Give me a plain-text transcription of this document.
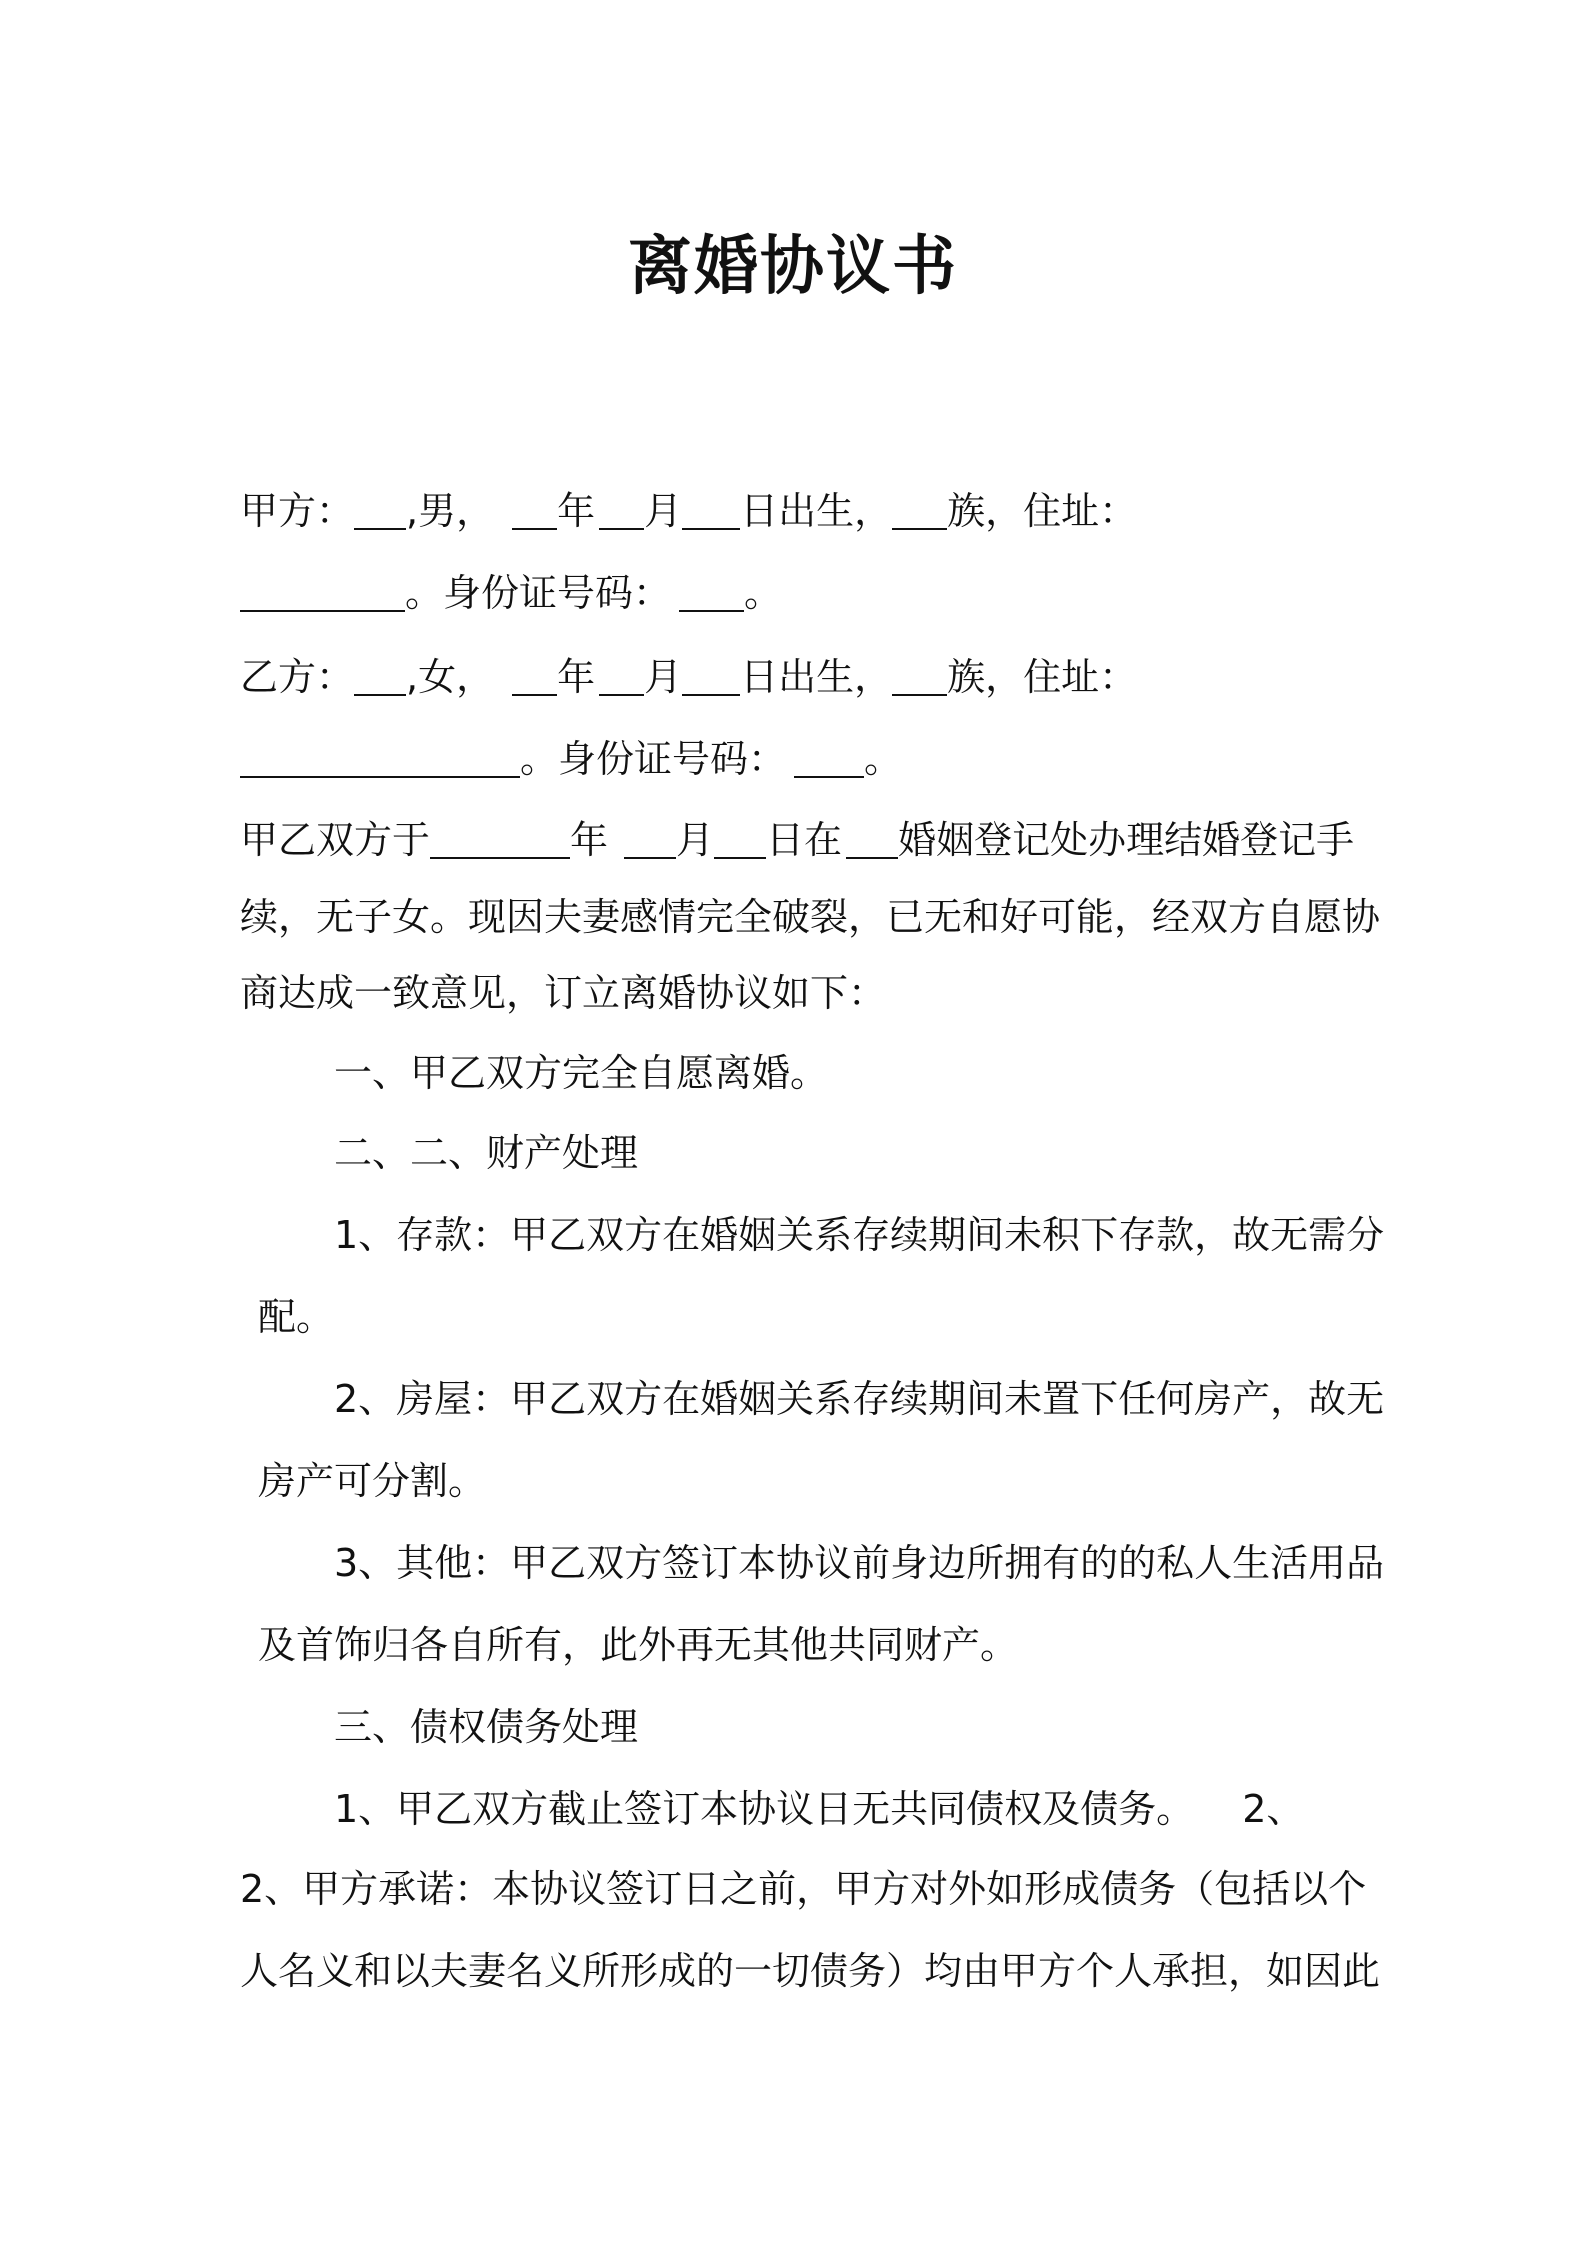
离婚协议书
甲方： ,男， 年 月 日出生， 族，住址：
。身份证号码： 。
乙方： ,女， 年 月 日出生， 族，住址：
。身份证号码： 。
甲乙双方于	年 月 日在 婚姻登记处办理结婚登记手
续，无子女。现因夫妻感情完全破裂，已无和好可能，经双方自愿协
商达成一致意见，订立离婚协议如下：
一、甲乙双方完全自愿离婚。
二、二、财产处理
1、存款：甲乙双方在婚姻关系存续期间未积下存款，故无需分
配。
2、房屋：甲乙双方在婚姻关系存续期间未置下任何房产，故无
房产可分割。
3、其他：甲乙双方签订本协议前身边所拥有的的私人生活用品
及首饰归各自所有，此外再无其他共同财产。
三、债权债务处理
1、甲乙双方截止签订本协议日无共同债权及债务。 2、
2、甲方承诺：本协议签订日之前，甲方对外如形成债务（包括以个
人名义和以夫妻名义所形成的一切债务）均由甲方个人承担，如因此
